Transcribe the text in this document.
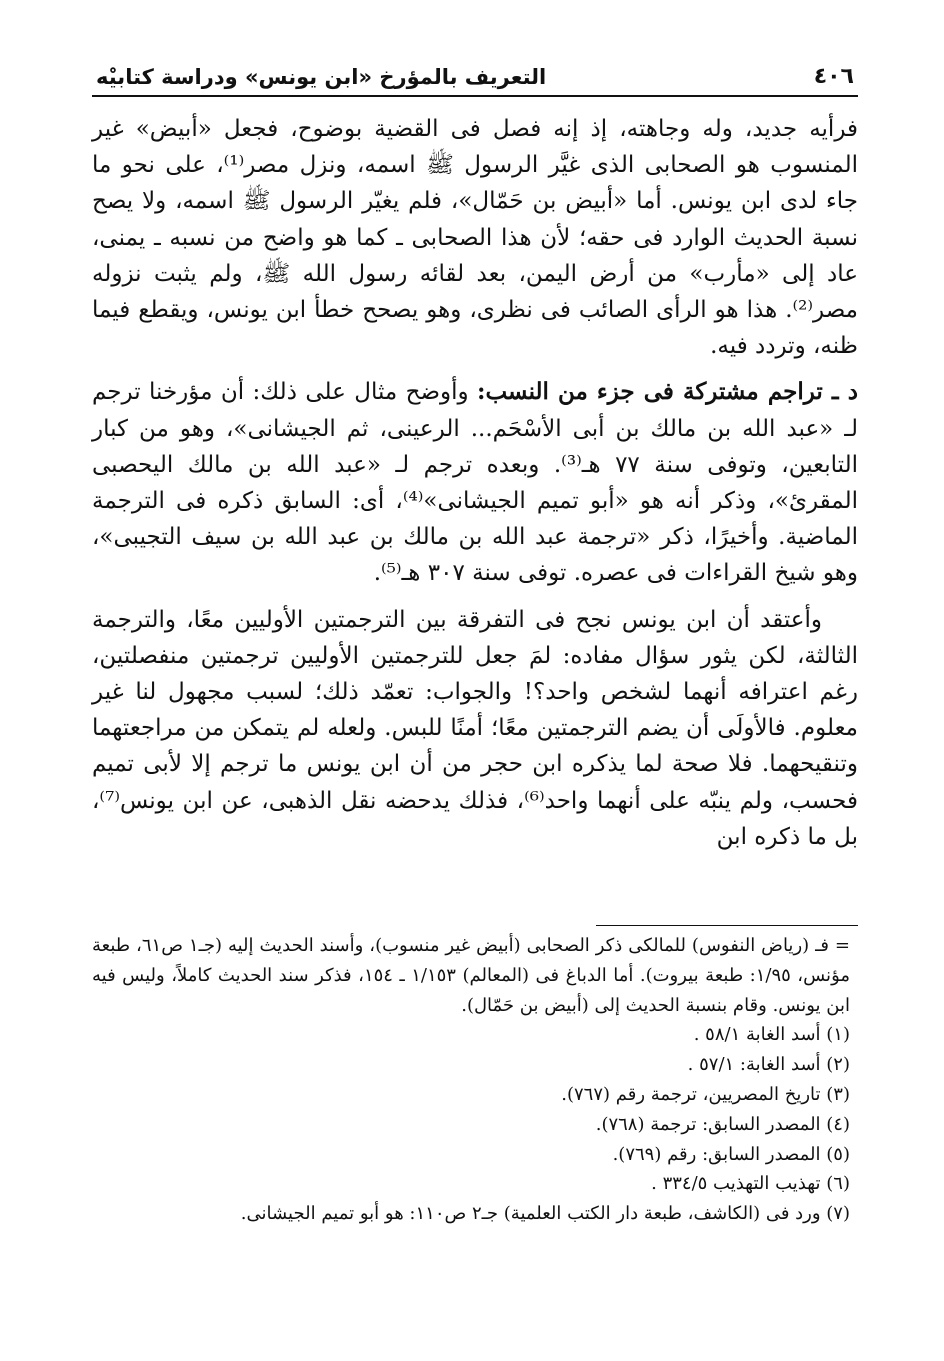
٤٠٦
التعريف بالمؤرخ «ابن يونس» ودراسة كتابيْه

فرأيه جديد، وله وجاهته، إذ إنه فصل فى القضية بوضوح، فجعل «أبيض» غير المنسوب هو الصحابى الذى غيَّر الرسول ﷺ اسمه، ونزل مصر⁽¹⁾، على نحو ما جاء لدى ابن يونس. أما «أبيض بن حَمّال»، فلم يغيّر الرسول ﷺ اسمه، ولا يصح نسبة الحديث الوارد فى حقه؛ لأن هذا الصحابى ـ كما هو واضح من نسبه ـ يمنى، عاد إلى «مأرب» من أرض اليمن، بعد لقائه رسول الله ﷺ، ولم يثبت نزوله مصر⁽²⁾. هذا هو الرأى الصائب فى نظرى، وهو يصحح خطأ ابن يونس، ويقطع فيما ظنه، وتردد فيه.

د ـ تراجم مشتركة فى جزء من النسب: وأوضح مثال على ذلك: أن مؤرخنا ترجم لـ «عبد الله بن مالك بن أبى الأسْحَم... الرعينى، ثم الجيشانى»، وهو من كبار التابعين، وتوفى سنة ٧٧ هـ⁽³⁾. وبعده ترجم لـ «عبد الله بن مالك اليحصبى المقرئ»، وذكر أنه هو «أبو تميم الجيشانى»⁽⁴⁾، أى: السابق ذكره فى الترجمة الماضية. وأخيرًا، ذكر «ترجمة عبد الله بن مالك بن عبد الله بن سيف التجيبى»، وهو شيخ القراءات فى عصره. توفى سنة ٣٠٧ هـ⁽⁵⁾.

وأعتقد أن ابن يونس نجح فى التفرقة بين الترجمتين الأوليين معًا، والترجمة الثالثة، لكن يثور سؤال مفاده: لمَ جعل للترجمتين الأوليين ترجمتين منفصلتين، رغم اعترافه أنهما لشخص واحد؟! والجواب: تعمّد ذلك؛ لسبب مجهول لنا غير معلوم. فالأولَى أن يضم الترجمتين معًا؛ أمنًا للبس. ولعله لم يتمكن من مراجعتهما وتنقيحهما. فلا صحة لما يذكره ابن حجر من أن ابن يونس ما ترجم إلا لأبى تميم فحسب، ولم ينبّه على أنهما واحد⁽⁶⁾، فذلك يدحضه نقل الذهبى، عن ابن يونس⁽⁷⁾، بل ما ذكره ابن

= فـ (رياض النفوس) للمالكى ذكر الصحابى (أبيض غير منسوب)، وأسند الحديث إليه (جـ١ ص٦١، طبعة مؤنس، ١/٩٥: طبعة بيروت). أما الدباغ فى (المعالم) ١/١٥٣ ـ ١٥٤، فذكر سند الحديث كاملاً، وليس فيه ابن يونس. وقام بنسبة الحديث إلى (أبيض بن حَمّال).

(١) أسد الغابة ٥٨/١ .

(٢) أسد الغابة: ٥٧/١ .

(٣) تاريخ المصريين، ترجمة رقم (٧٦٧).

(٤) المصدر السابق: ترجمة (٧٦٨).

(٥) المصدر السابق: رقم (٧٦٩).

(٦) تهذيب التهذيب ٣٣٤/٥ .

(٧) ورد فى (الكاشف، طبعة دار الكتب العلمية) جـ٢ ص١١٠: هو أبو تميم الجيشانى.
